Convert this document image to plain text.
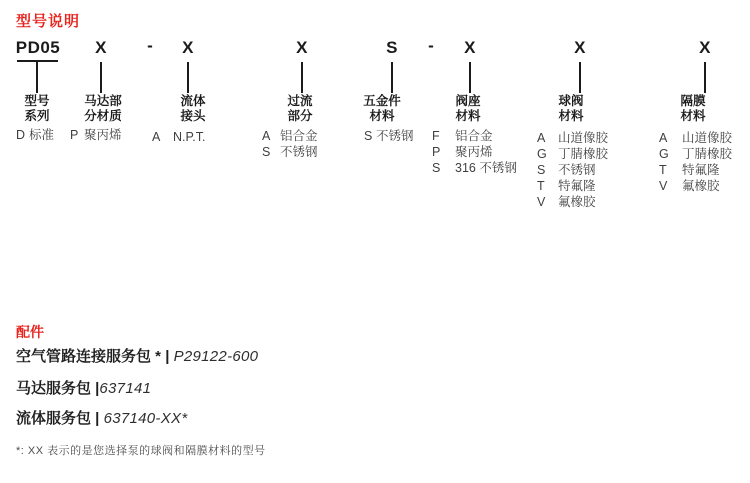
型号说明
PD05	-	-
型号
系列
D 标准
X
马达部
分材质
P 聚丙烯
X
流体
接头
A	N.P.T.
X
过流
部分
A 铝合金
S 不锈钢
S
五金件
材料
S 不锈钢
X
阀座
材料
F	铝合金
P	聚丙烯
S	316 不锈钢
X
球阀
材料
A	山道像胶
G 丁腈橡胶
S	不锈钢
T	特氟隆
V	氟橡胶
X
隔膜
材料
A	山道像胶
G	丁腈橡胶
T	特氟隆
V	氟橡胶
配件
空气管路连接服务包 * | P29122-600
马达服务包 |637141
流体服务包 | 637140-XX*
*: XX 表示的是您选择泵的球阀和隔膜材料的型号
